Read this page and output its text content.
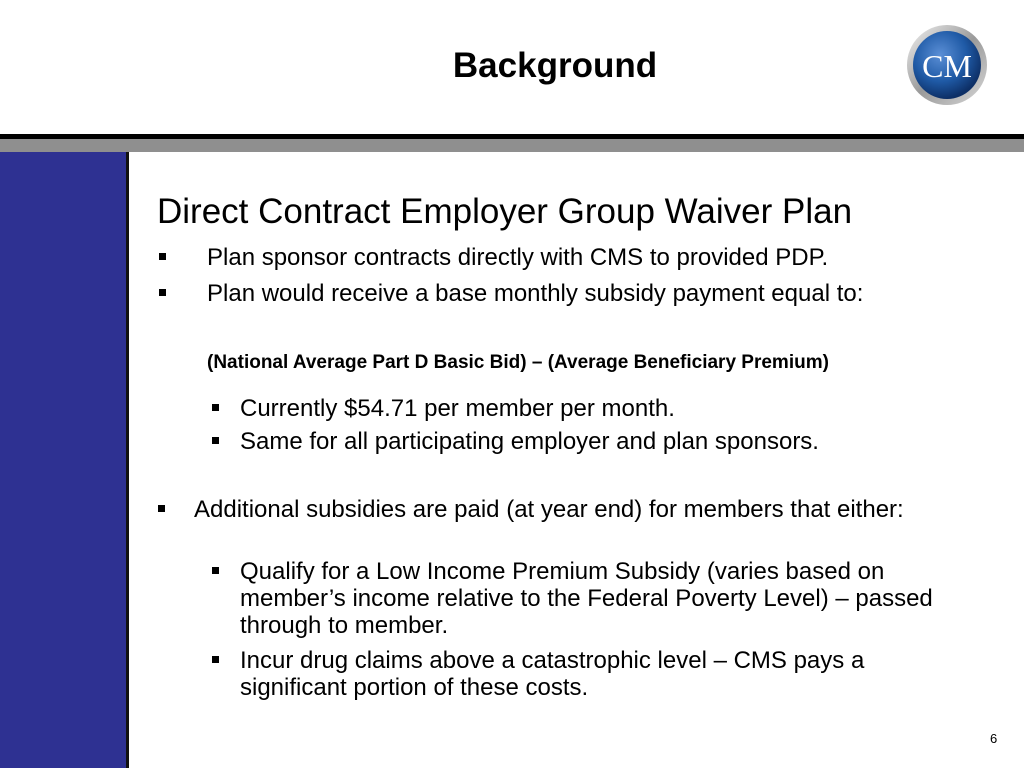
Background	CM
Direct Contract Employer Group Waiver Plan
Plan sponsor contracts directly with CMS to provided PDP.
Plan would receive a base monthly subsidy payment equal to:
(National Average Part D Basic Bid) – (Average Beneficiary Premium)
Currently $54.71 per member per month.
Same for all participating employer and plan sponsors.
Additional subsidies are paid (at year end) for members that either:
Qualify for a Low Income Premium Subsidy (varies based on member’s income relative to the Federal Poverty Level) – passed through to member.
Incur drug claims above a catastrophic level – CMS pays a significant portion of these costs.
6
